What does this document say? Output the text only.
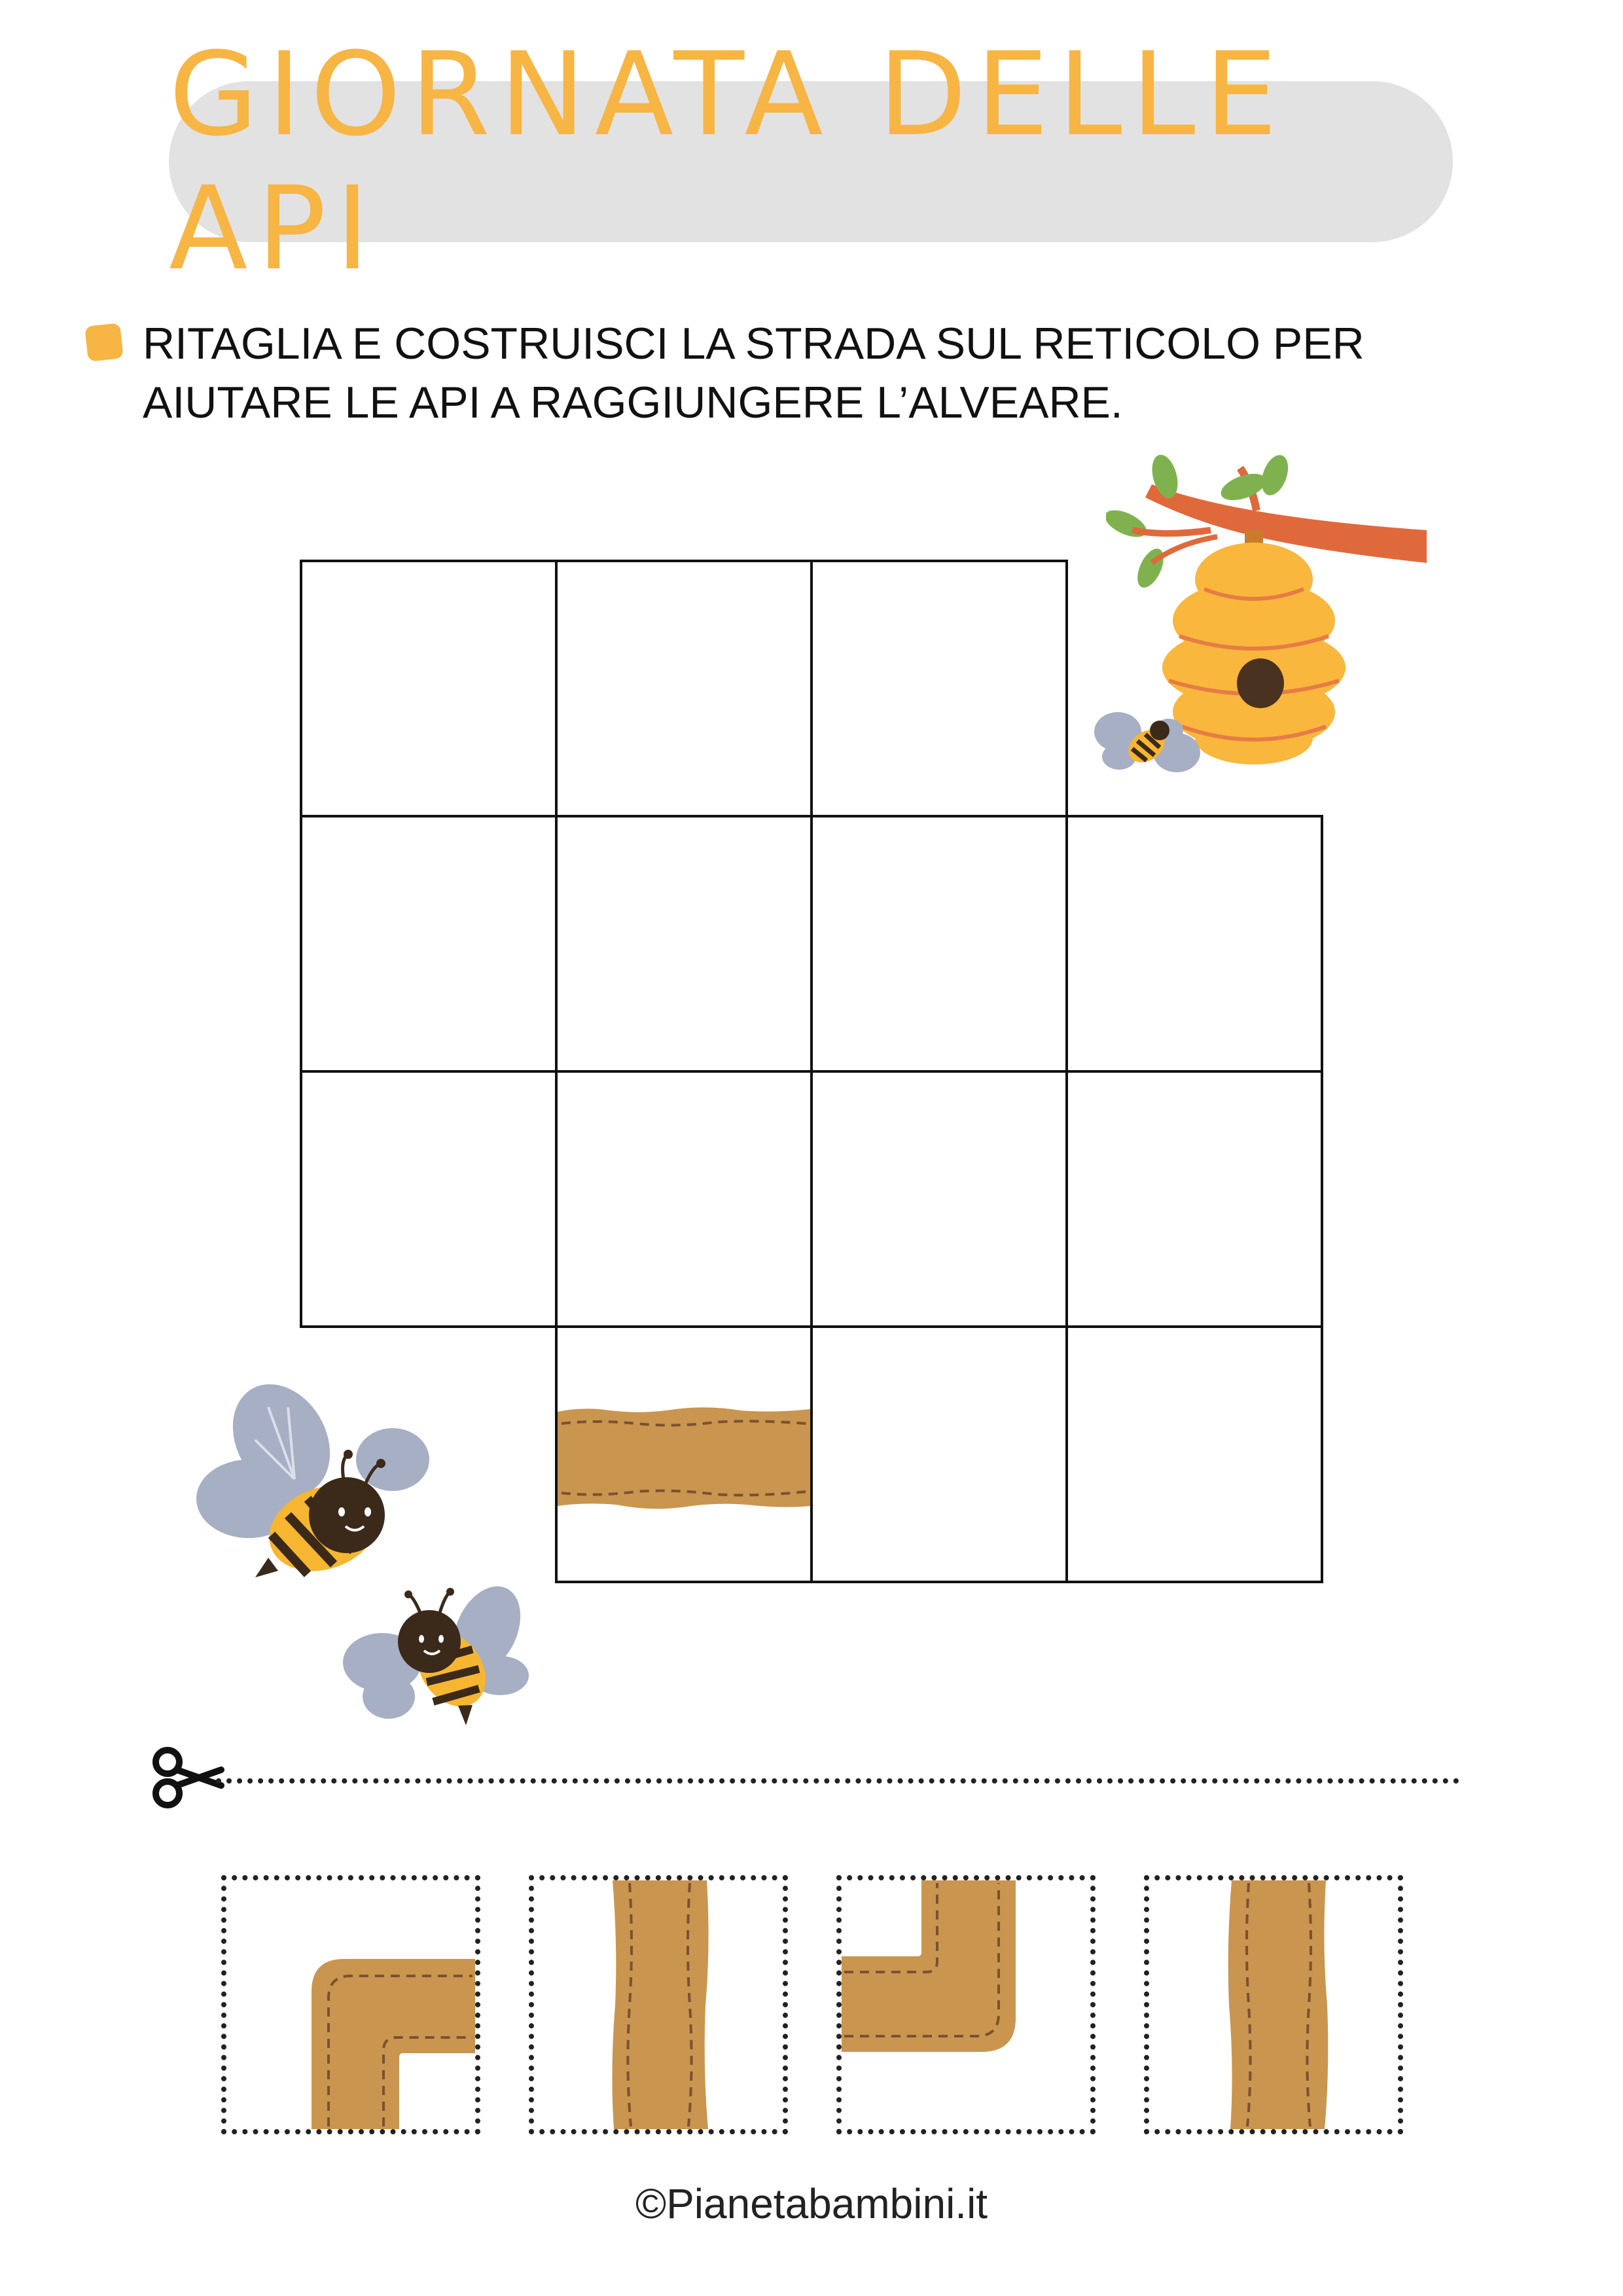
GIORNATA DELLE API
RITAGLIA E COSTRUISCI LA STRADA SUL RETICOLO PER
AIUTARE LE API A RAGGIUNGERE L’ALVEARE.
©Pianetabambini.it
